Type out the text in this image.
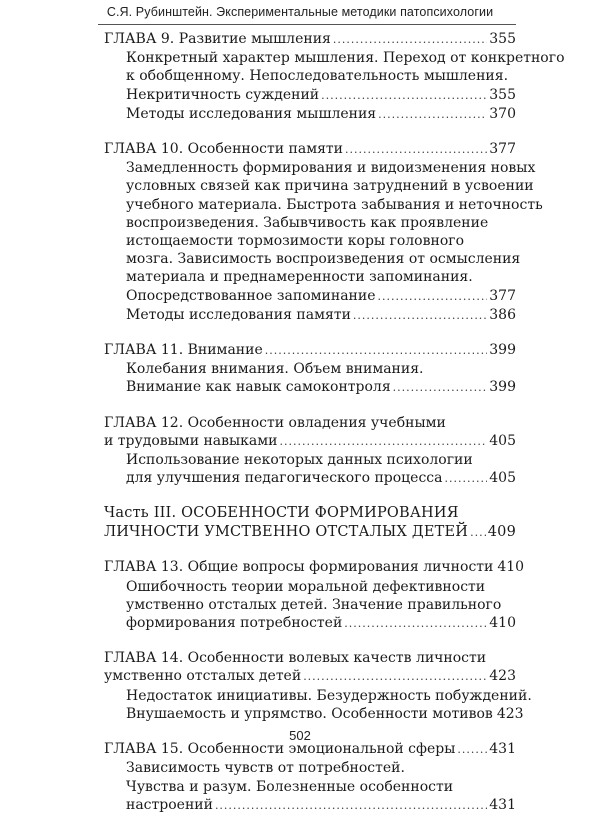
С.Я. Рубинштейн. Экспериментальные методики патопсихологии
ГЛАВА 9. Развитие мышления .....	355
Конкретный характер мышления. Переход от конкретного
к обобщенному. Непоследовательность мышления.
Некритичность суждений .....	355
Методы исследования мышления .....	370
ГЛАВА 10. Особенности памяти .....	377
Замедленность формирования и видоизменения новых
условных связей как причина затруднений в усвоении
учебного материала. Быстрота забывания и неточность
воспроизведения. Забывчивость как проявление
истощаемости тормозимости коры головного
мозга. Зависимость воспроизведения от осмысления
материала и преднамеренности запоминания.
Опосредствованное запоминание .....	377
Методы исследования памяти .....	386
ГЛАВА 11. Внимание .....	399
Колебания внимания. Объем внимания.
Внимание как навык самоконтроля .....	399
ГЛАВА 12. Особенности овладения учебными
и трудовыми навыками .....	405
Использование некоторых данных психологии
для улучшения педагогического процесса .....	405
Часть III. ОСОБЕННОСТИ ФОРМИРОВАНИЯ
ЛИЧНОСТИ УМСТВЕННО ОТСТАЛЫХ ДЕТЕЙ ..... 409
ГЛАВА 13. Общие вопросы формирования личности 410
Ошибочность теории моральной дефективности
умственно отсталых детей. Значение правильного
формирования потребностей .....	410
ГЛАВА 14. Особенности волевых качеств личности
умственно отсталых детей .....	423
Недостаток инициативы. Безудержность побуждений.
Внушаемость и упрямство. Особенности мотивов 423
ГЛАВА 15. Особенности эмоциональной сферы ..... 431
Зависимость чувств от потребностей.
Чувства и разум. Болезненные особенности
настроений .....	431
502
